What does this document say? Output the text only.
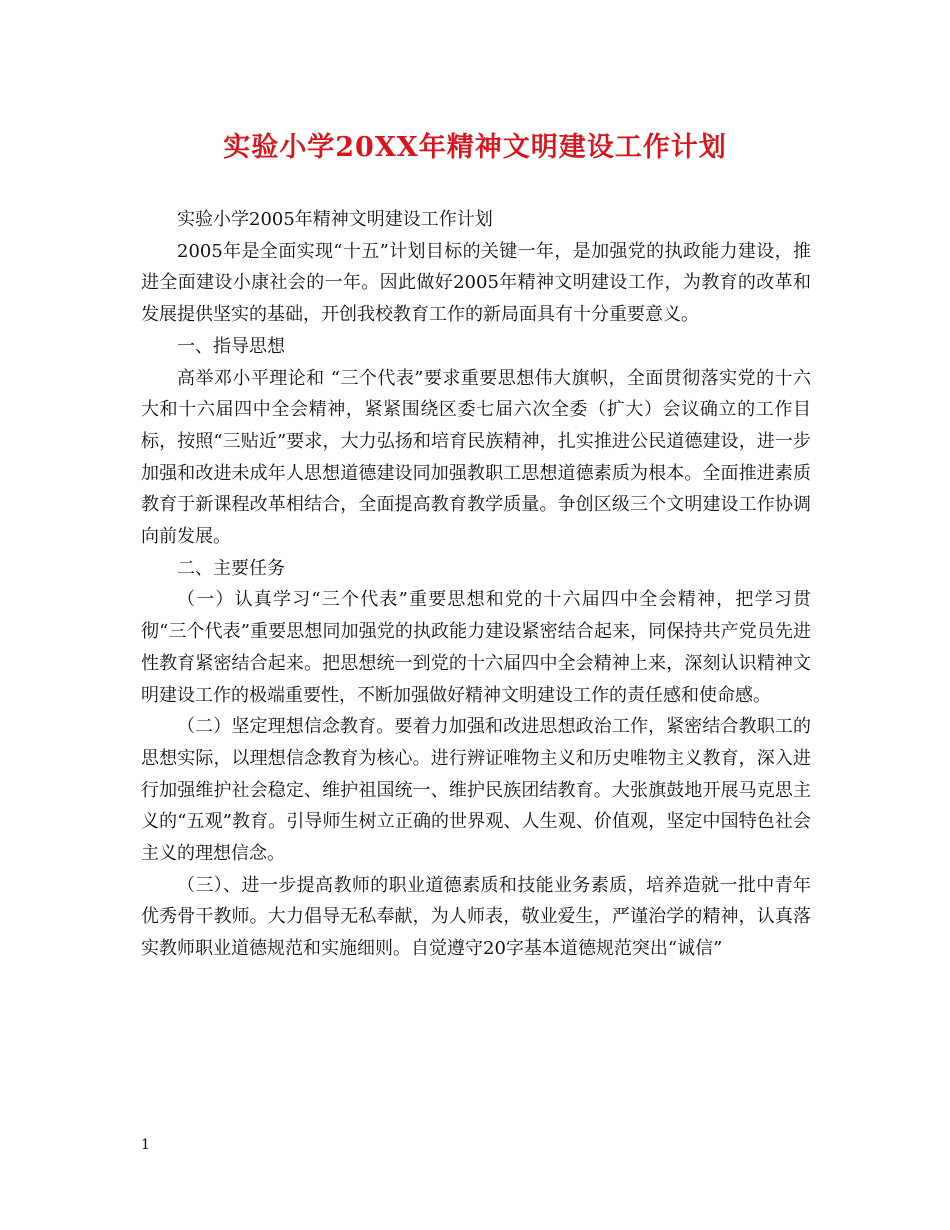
实验小学20XX年精神文明建设工作计划

实验小学2005年精神文明建设工作计划

2005年是全面实现“十五”计划目标的关键一年，是加强党的执政能力建设，推进全面建设小康社会的一年。因此做好2005年精神文明建设工作，为教育的改革和发展提供坚实的基础，开创我校教育工作的新局面具有十分重要意义。

一、指导思想

高举邓小平理论和 “三个代表”要求重要思想伟大旗帜，全面贯彻落实党的十六大和十六届四中全会精神，紧紧围绕区委七届六次全委（扩大）会议确立的工作目标，按照“三贴近”要求，大力弘扬和培育民族精神，扎实推进公民道德建设，进一步加强和改进未成年人思想道德建设同加强教职工思想道德素质为根本。全面推进素质教育于新课程改革相结合，全面提高教育教学质量。争创区级三个文明建设工作协调向前发展。

二、主要任务

（一）认真学习“三个代表”重要思想和党的十六届四中全会精神，把学习贯彻“三个代表”重要思想同加强党的执政能力建设紧密结合起来，同保持共产党员先进性教育紧密结合起来。把思想统一到党的十六届四中全会精神上来，深刻认识精神文明建设工作的极端重要性，不断加强做好精神文明建设工作的责任感和使命感。

（二）坚定理想信念教育。要着力加强和改进思想政治工作，紧密结合教职工的思想实际，以理想信念教育为核心。进行辨证唯物主义和历史唯物主义教育，深入进行加强维护社会稳定、维护祖国统一、维护民族团结教育。大张旗鼓地开展马克思主义的“五观”教育。引导师生树立正确的世界观、人生观、价值观，坚定中国特色社会主义的理想信念。

（三）、进一步提高教师的职业道德素质和技能业务素质，培养造就一批中青年优秀骨干教师。大力倡导无私奉献，为人师表，敬业爱生，严谨治学的精神，认真落实教师职业道德规范和实施细则。自觉遵守20字基本道德规范突出“诚信”

1
